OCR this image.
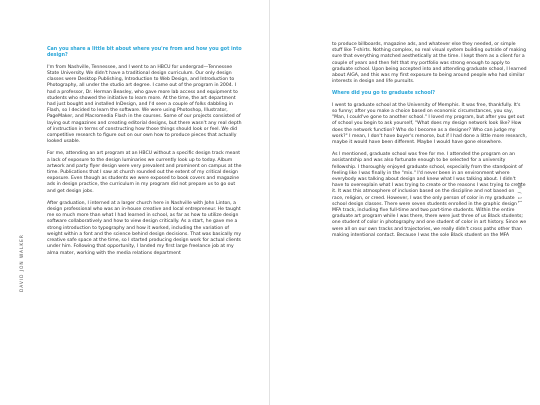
DAVID JON WALKER

Can you share a little bit about where you're from and how you got into design?

I'm from Nashville, Tennessee, and I went to an HBCU for undergrad—Tennessee State University. We didn't have a traditional design curriculum. Our only design classes were Desktop Publishing, Introduction to Web Design, and Introduction to Photography, all under the studio art degree. I came out of the program in 2004. I had a professor, Dr. Herman Beasley, who gave more lab access and equipment to students who showed the initiative to learn more. At the time, the art department had just bought and installed InDesign, and I'd seen a couple of folks dabbling in Flash, so I decided to learn the software. We were using Photoshop, Illustrator, PageMaker, and Macromedia Flash in the courses. Some of our projects consisted of laying out magazines and creating editorial designs, but there wasn't any real depth of instruction in terms of constructing how those things should look or feel. We did competitive research to figure out on our own how to produce pieces that actually looked usable.

For me, attending an art program at an HBCU without a specific design track meant a lack of exposure to the design luminaries we currently look up to today. Album artwork and party flyer design were very prevalent and prominent on campus at the time. Publications that I saw at church rounded out the extent of my critical design exposure. Even though as students we were exposed to book covers and magazine ads in design practice, the curriculum in my program did not prepare us to go out and get design jobs.

After graduation, I interned at a larger church here in Nashville with John Linton, a design professional who was an in-house creative and local entrepreneur. He taught me so much more than what I had learned in school, as far as how to utilize design software collaboratively and how to view design critically. As a start, he gave me a strong introduction to typography and how it worked, including the variation of weight within a font and the science behind design decisions. That was basically my creative safe space at the time, so I started producing design work for actual clients under him. Following that opportunity, I landed my first large freelance job at my alma mater, working with the media relations department

to produce billboards, magazine ads, and whatever else they needed, or simple stuff like T-shirts. Nothing complex, no real visual system building outside of making sure that everything matched aesthetically at the time. I kept them as a client for a couple of years and then felt that my portfolio was strong enough to apply to graduate school. Upon being accepted into and attending graduate school, I learned about AIGA, and this was my first exposure to being around people who had similar interests in design and life pursuits.

Where did you go to graduate school?

I went to graduate school at the University of Memphis. It was free, thankfully. It's so funny; after you make a choice based on economic circumstances, you say, "Man, I could've gone to another school." I loved my program, but after you get out of school you begin to ask yourself, "What does my design network look like? How does the network function? Who do I become as a designer? Who can judge my work?" I mean, I don't have buyer's remorse, but if I had done a little more research, maybe it would have been different. Maybe I would have gone elsewhere.

As I mentioned, graduate school was free for me. I attended the program on an assistantship and was also fortunate enough to be selected for a university fellowship. I thoroughly enjoyed graduate school, especially from the standpoint of feeling like I was finally in the "mix." I'd never been in an environment where everybody was talking about design and knew what I was talking about. I didn't have to overexplain what I was trying to create or the reasons I was trying to create it. It was this atmosphere of inclusion based on the discipline and not based on race, religion, or creed. However, I was the only person of color in my graduate school design classes. There were seven students enrolled in the graphic design MFA track, including five full-time and two part-time students. Within the entire graduate art program while I was there, there were just three of us Black students; one student of color in photography and one student of color in art history. Since we were all on our own tracks and trajectories, we really didn't cross paths other than making intentional contact. Because I was the sole Black student on the MFA

10 / 11
